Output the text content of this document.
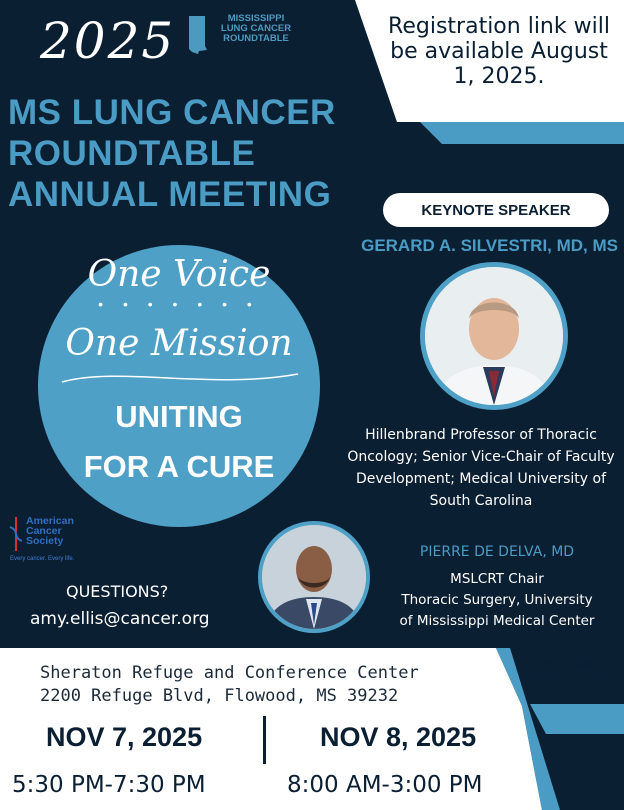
Registration link will be available August 1, 2025.
2025	MISSISSIPPI
LUNG CANCER
ROUNDTABLE
MS LUNG CANCER
ROUNDTABLE
ANNUAL MEETING	KEYNOTE SPEAKER
GERARD A. SILVESTRI, MD, MS
One Voice
• • • • • • •
One Mission
UNITING
FOR A CURE
Hillenbrand Professor of Thoracic Oncology; Senior Vice-Chair of Faculty Development; Medical University of South Carolina
American
Cancer
Society
Every cancer. Every life.
QUESTIONS?
amy.ellis@cancer.org
PIERRE DE DELVA, MD
MSLCRT Chair
Thoracic Surgery, University
of Mississippi Medical Center
Sheraton Refuge and Conference Center
2200 Refuge Blvd, Flowood, MS 39232
✱	FREE CME
HOURS OFFERED
NOV 7, 2025	NOV 8, 2025
5:30 PM-7:30 PM	8:00 AM-3:00 PM
